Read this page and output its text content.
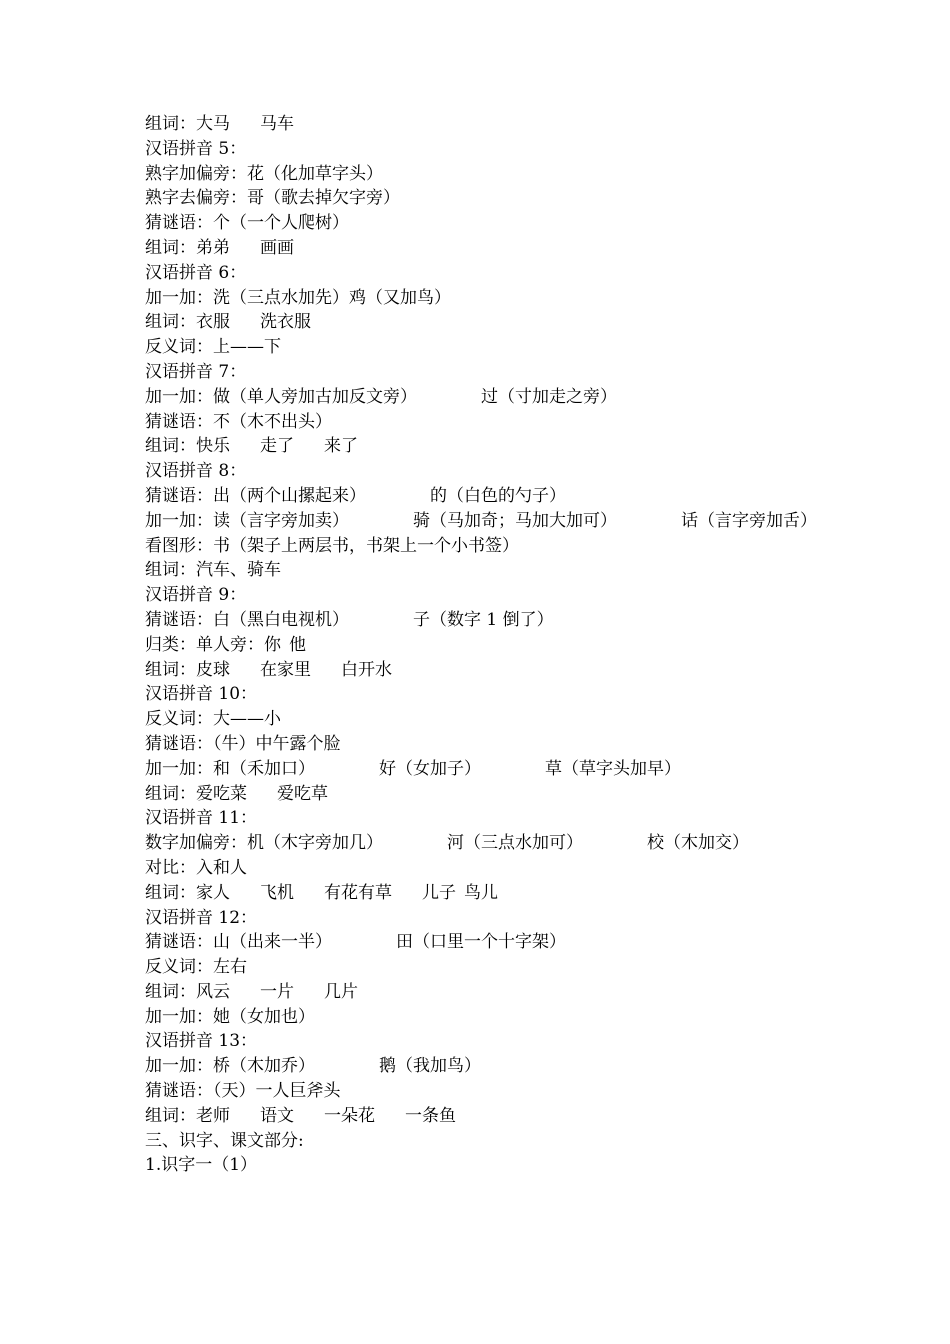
组词：大马 马车
汉语拼音 5：
熟字加偏旁：花（化加草字头）
熟字去偏旁：哥（歌去掉欠字旁）
猜谜语：个（一个人爬树）
组词：弟弟 画画
汉语拼音 6：
加一加：洗（三点水加先）鸡（又加鸟）
组词：衣服 洗衣服
反义词：上——下
汉语拼音 7：
加一加：做（单人旁加古加反文旁）	过（寸加走之旁）
猜谜语：不（木不出头）
组词：快乐 走了 来了
汉语拼音 8：
猜谜语：出（两个山摞起来）	的（白色的勺子）
加一加：读（言字旁加卖）	骑（马加奇；马加大加可）	话（言字旁加舌）
看图形：书（架子上两层书，书架上一个小书签）
组词：汽车、骑车
汉语拼音 9：
猜谜语：白（黑白电视机）	子（数字 1 倒了）
归类：单人旁：你 他
组词：皮球 在家里 白开水
汉语拼音 10：
反义词：大——小
猜谜语：（牛）中午露个脸
加一加：和（禾加口）	好（女加子）	草（草字头加早）
组词：爱吃菜 爱吃草
汉语拼音 11：
数字加偏旁：机（木字旁加几）	河（三点水加可）	校（木加交）
对比：入和人
组词：家人 飞机 有花有草 儿子 鸟儿
汉语拼音 12：
猜谜语：山（出来一半）	田（口里一个十字架）
反义词：左右
组词：风云 一片 几片
加一加：她（女加也）
汉语拼音 13：
加一加：桥（木加乔）	鹅（我加鸟）
猜谜语：（天）一人巨斧头
组词：老师 语文 一朵花 一条鱼
三、识字、课文部分:
1.识字一（1）
